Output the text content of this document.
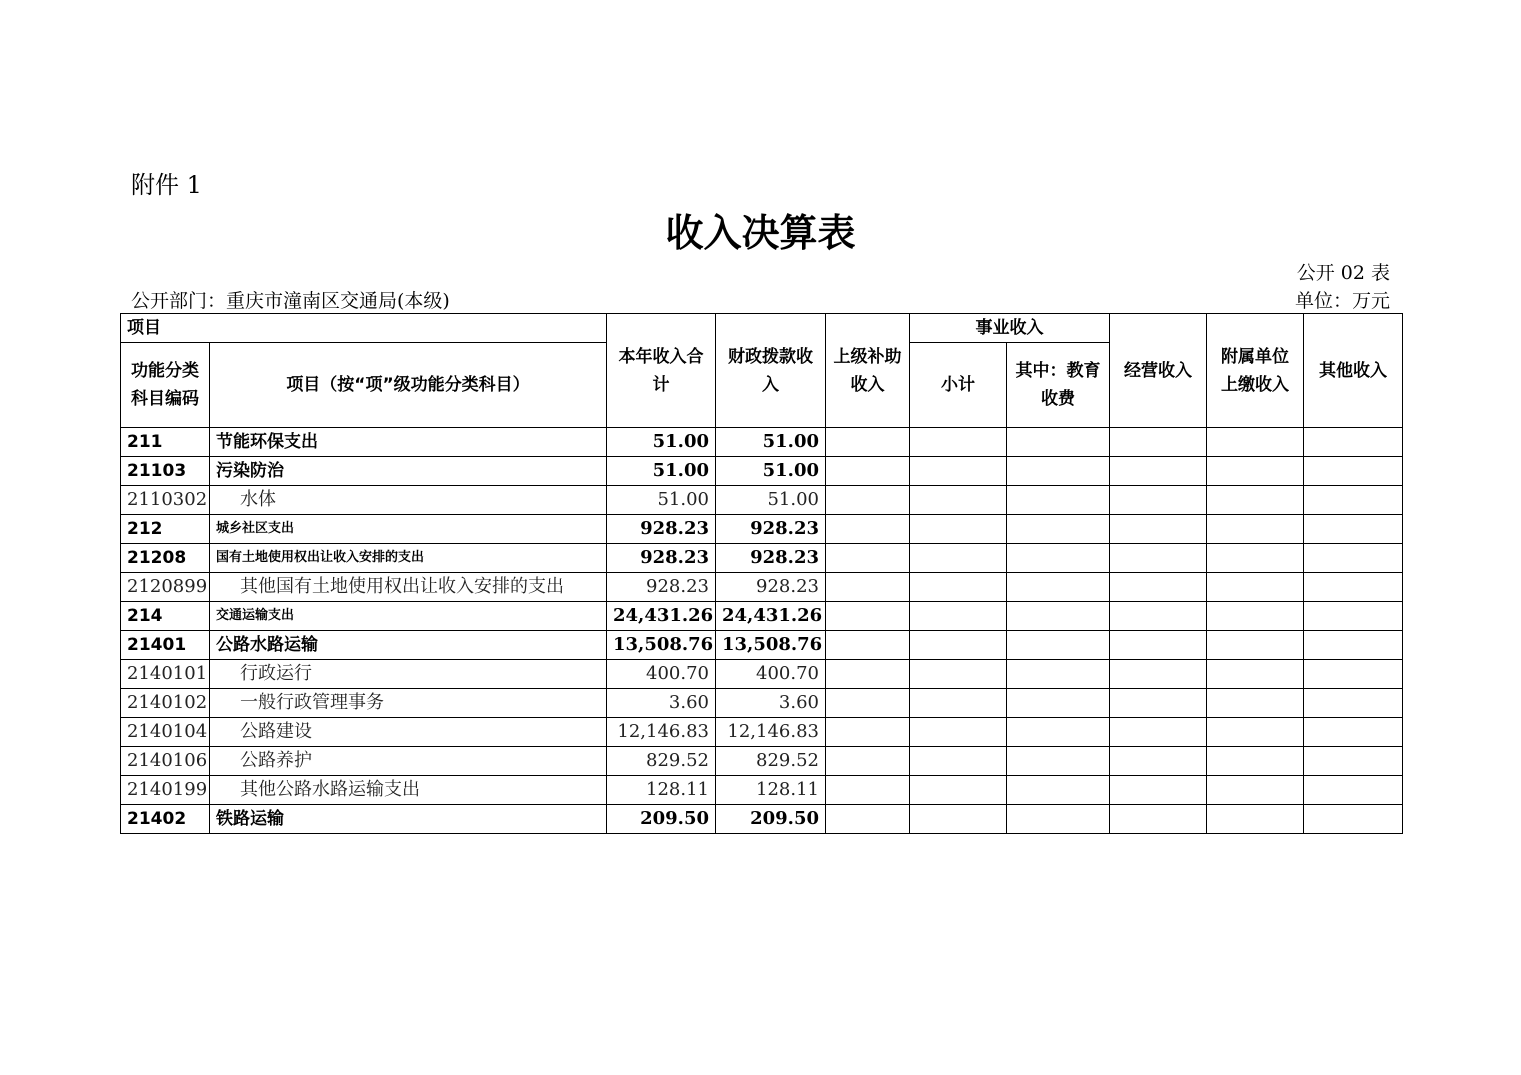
附件 1
收入决算表
公开 02 表
公开部门：重庆市潼南区交通局(本级)	单位：万元
项目		本年收入合计	财政拨款收入	上级补助收入	事业收入		经营收入	附属单位上缴收入	其他收入
功能分类科目编码	项目（按“项”级功能分类科目）				小计	其中：教育收费			
211	节能环保支出	51.00	51.00						
21103	污染防治	51.00	51.00						
2110302	水体	51.00	51.00						
212	城乡社区支出	928.23	928.23						
21208	国有土地使用权出让收入安排的支出	928.23	928.23						
2120899	其他国有土地使用权出让收入安排的支出	928.23	928.23						
214	交通运输支出	24,431.26	24,431.26						
21401	公路水路运输	13,508.76	13,508.76						
2140101	行政运行	400.70	400.70						
2140102	一般行政管理事务	3.60	3.60						
2140104	公路建设	12,146.83	12,146.83						
2140106	公路养护	829.52	829.52						
2140199	其他公路水路运输支出	128.11	128.11						
21402	铁路运输	209.50	209.50						
